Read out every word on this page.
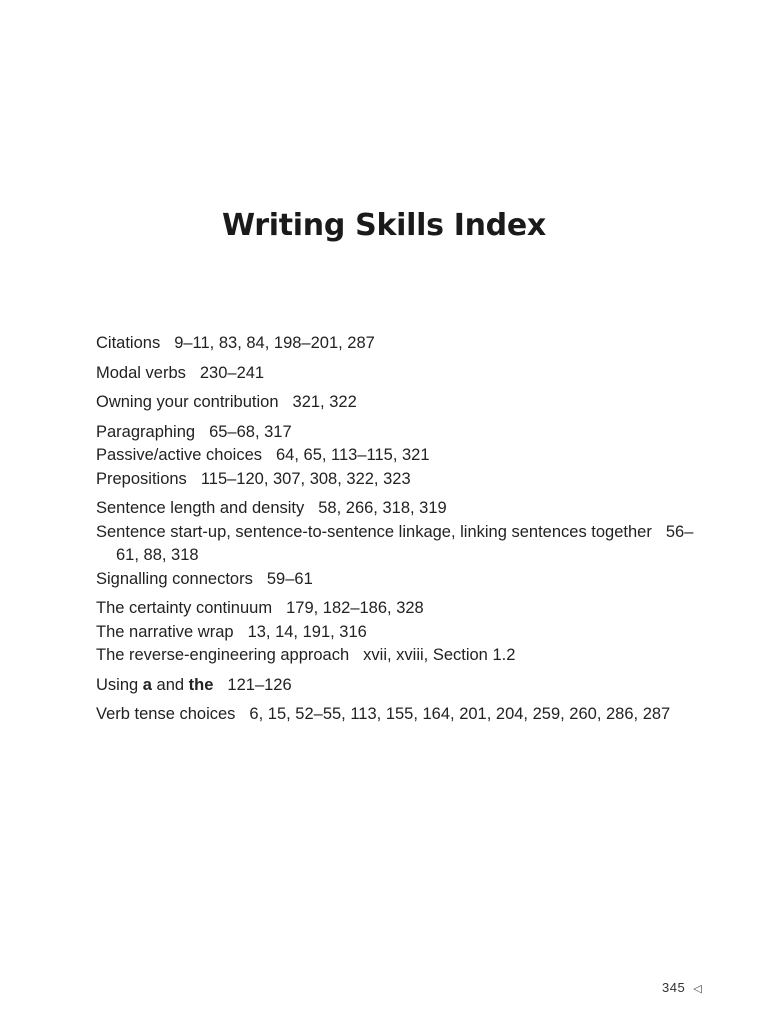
Writing Skills Index
Citations 9–11, 83, 84, 198–201, 287
Modal verbs 230–241
Owning your contribution 321, 322
Paragraphing 65–68, 317
Passive/active choices 64, 65, 113–115, 321
Prepositions 115–120, 307, 308, 322, 323
Sentence length and density 58, 266, 318, 319
Sentence start-up, sentence-to-sentence linkage, linking sentences together 56–61, 88, 318
Signalling connectors 59–61
The certainty continuum 179, 182–186, 328
The narrative wrap 13, 14, 191, 316
The reverse-engineering approach xvii, xviii, Section 1.2
Using a and the 121–126
Verb tense choices 6, 15, 52–55, 113, 155, 164, 201, 204, 259, 260, 286, 287
345 ◁
